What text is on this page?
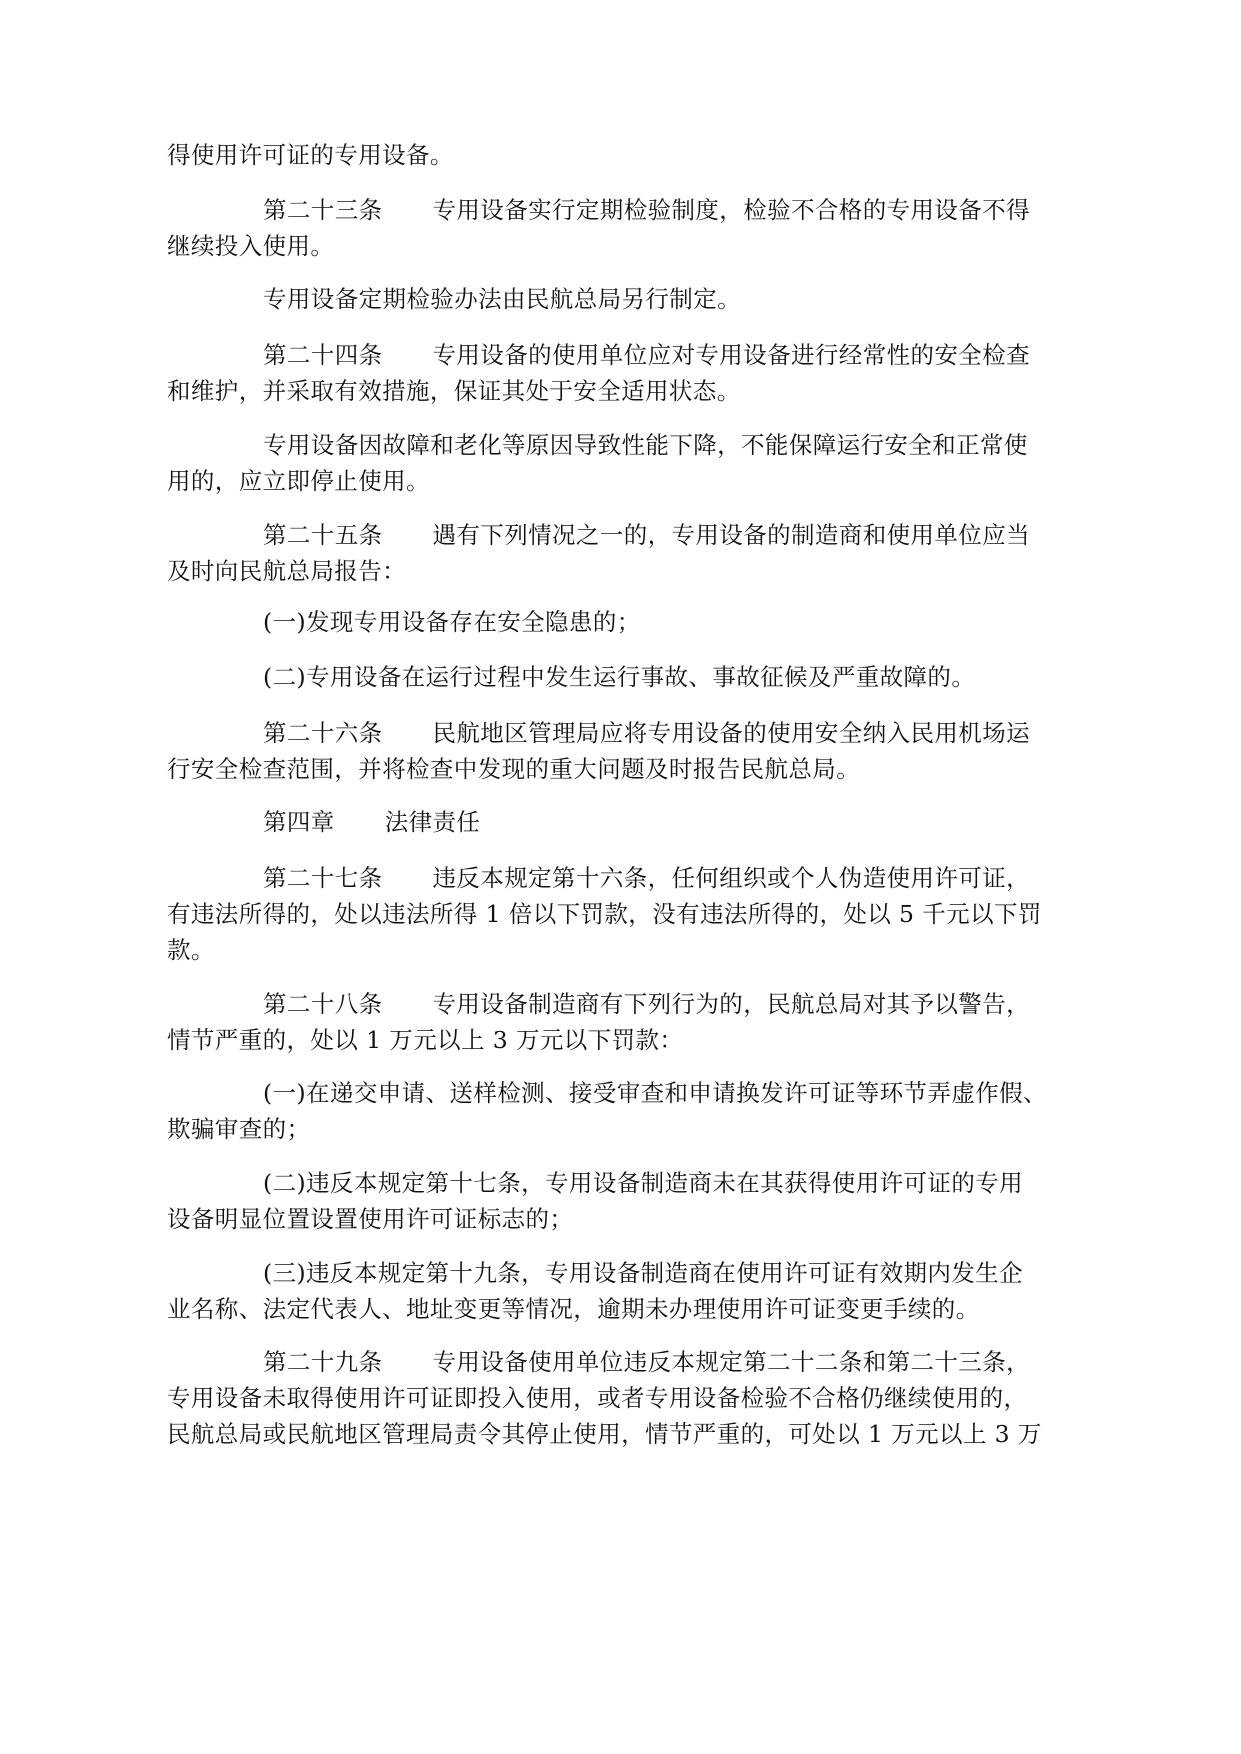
得使用许可证的专用设备。

第二十三条 专用设备实行定期检验制度，检验不合格的专用设备不得
继续投入使用。

专用设备定期检验办法由民航总局另行制定。

第二十四条 专用设备的使用单位应对专用设备进行经常性的安全检查
和维护，并采取有效措施，保证其处于安全适用状态。

专用设备因故障和老化等原因导致性能下降，不能保障运行安全和正常使
用的，应立即停止使用。

第二十五条 遇有下列情况之一的，专用设备的制造商和使用单位应当
及时向民航总局报告：

(一)发现专用设备存在安全隐患的；

(二)专用设备在运行过程中发生运行事故、事故征候及严重故障的。

第二十六条 民航地区管理局应将专用设备的使用安全纳入民用机场运
行安全检查范围，并将检查中发现的重大问题及时报告民航总局。

第四章 法律责任

第二十七条 违反本规定第十六条，任何组织或个人伪造使用许可证，
有违法所得的，处以违法所得 1 倍以下罚款，没有违法所得的，处以 5 千元以下罚
款。

第二十八条 专用设备制造商有下列行为的，民航总局对其予以警告，
情节严重的，处以 1 万元以上 3 万元以下罚款：

(一)在递交申请、送样检测、接受审查和申请换发许可证等环节弄虚作假、
欺骗审查的；

(二)违反本规定第十七条，专用设备制造商未在其获得使用许可证的专用
设备明显位置设置使用许可证标志的；

(三)违反本规定第十九条，专用设备制造商在使用许可证有效期内发生企
业名称、法定代表人、地址变更等情况，逾期未办理使用许可证变更手续的。

第二十九条 专用设备使用单位违反本规定第二十二条和第二十三条，
专用设备未取得使用许可证即投入使用，或者专用设备检验不合格仍继续使用的，
民航总局或民航地区管理局责令其停止使用，情节严重的，可处以 1 万元以上 3 万
